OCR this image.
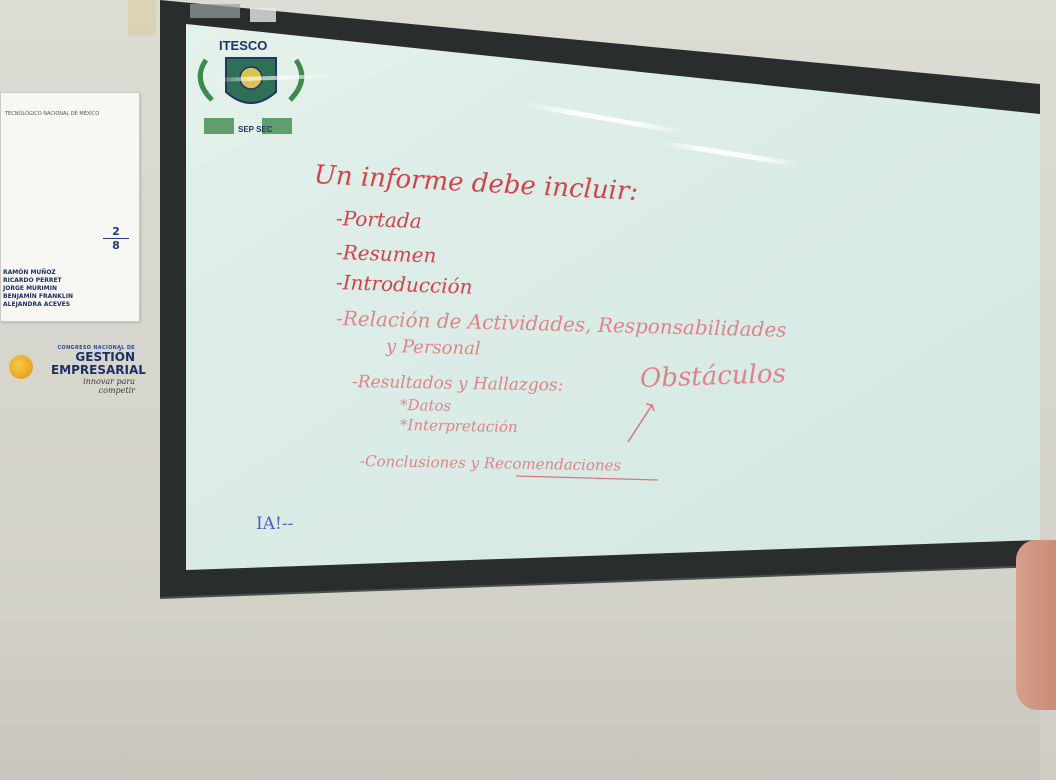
TECNOLÓGICO NACIONAL DE MÉXICO
2
8
RAMÓN MUÑOZ
RICARDO PERRET
JORGE MURIMIN
BENJAMÍN FRANKLIN
ALEJANDRA ACEVES
CONGRESO NACIONAL DE
GESTIÓN
EMPRESARIAL
innovar para competir
ITESCO
SEP SEC
Un informe debe incluir:
-Portada
-Resumen
-Introducción
-Relación de Actividades, Responsabilidades
y Personal
-Resultados y Hallazgos:
*Datos
*Interpretación
-Conclusiones y Recomendaciones
Obstáculos
IA!--
